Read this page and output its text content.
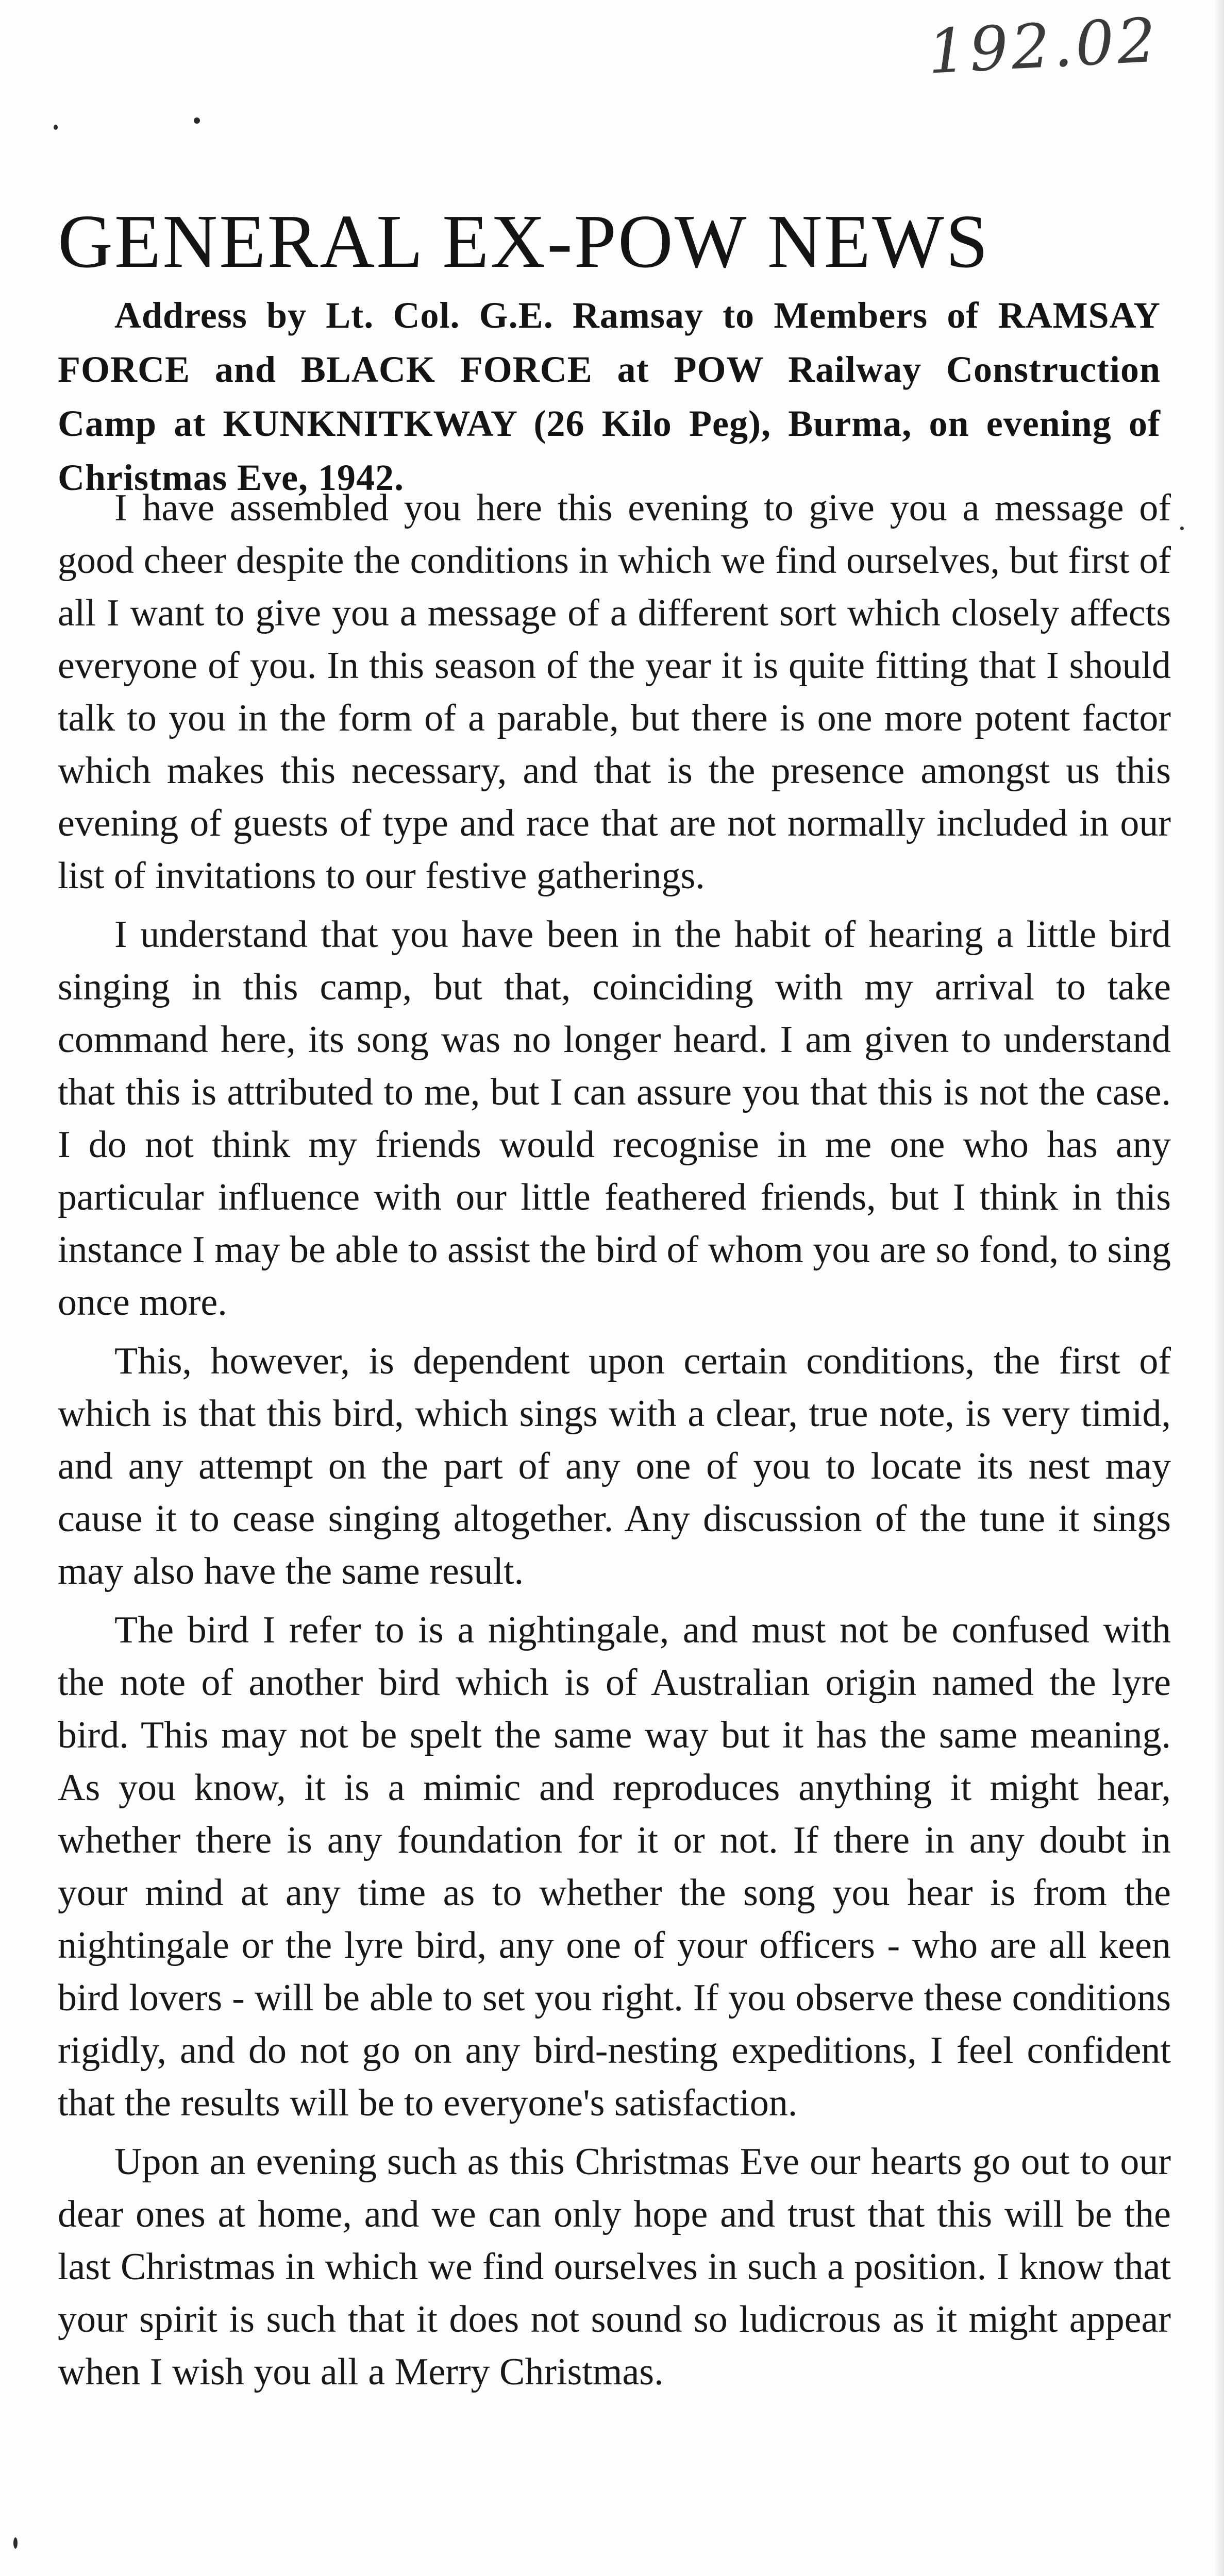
192.02
GENERAL EX-POW NEWS
Address by Lt. Col. G.E. Ramsay to Members of RAMSAY FORCE and BLACK FORCE at POW Railway Construction Camp at KUNKNITKWAY (26 Kilo Peg), Burma, on evening of Christmas Eve, 1942.

I have assembled you here this evening to give you a message of good cheer despite the conditions in which we find ourselves, but first of all I want to give you a message of a different sort which closely affects everyone of you. In this season of the year it is quite fitting that I should talk to you in the form of a parable, but there is one more potent factor which makes this necessary, and that is the presence amongst us this evening of guests of type and race that are not normally included in our list of invitations to our festive gatherings.

I understand that you have been in the habit of hearing a little bird singing in this camp, but that, coinciding with my arrival to take command here, its song was no longer heard. I am given to understand that this is attributed to me, but I can assure you that this is not the case. I do not think my friends would recognise in me one who has any particular influence with our little feathered friends, but I think in this instance I may be able to assist the bird of whom you are so fond, to sing once more.

This, however, is dependent upon certain conditions, the first of which is that this bird, which sings with a clear, true note, is very timid, and any attempt on the part of any one of you to locate its nest may cause it to cease singing altogether. Any discussion of the tune it sings may also have the same result.

The bird I refer to is a nightingale, and must not be confused with the note of another bird which is of Australian origin named the lyre bird. This may not be spelt the same way but it has the same meaning. As you know, it is a mimic and reproduces anything it might hear, whether there is any foundation for it or not. If there in any doubt in your mind at any time as to whether the song you hear is from the nightingale or the lyre bird, any one of your officers - who are all keen bird lovers - will be able to set you right. If you observe these conditions rigidly, and do not go on any bird-nesting expeditions, I feel confident that the results will be to everyone's satisfaction.

Upon an evening such as this Christmas Eve our hearts go out to our dear ones at home, and we can only hope and trust that this will be the last Christmas in which we find ourselves in such a position. I know that your spirit is such that it does not sound so ludicrous as it might appear when I wish you all a Merry Christmas.
